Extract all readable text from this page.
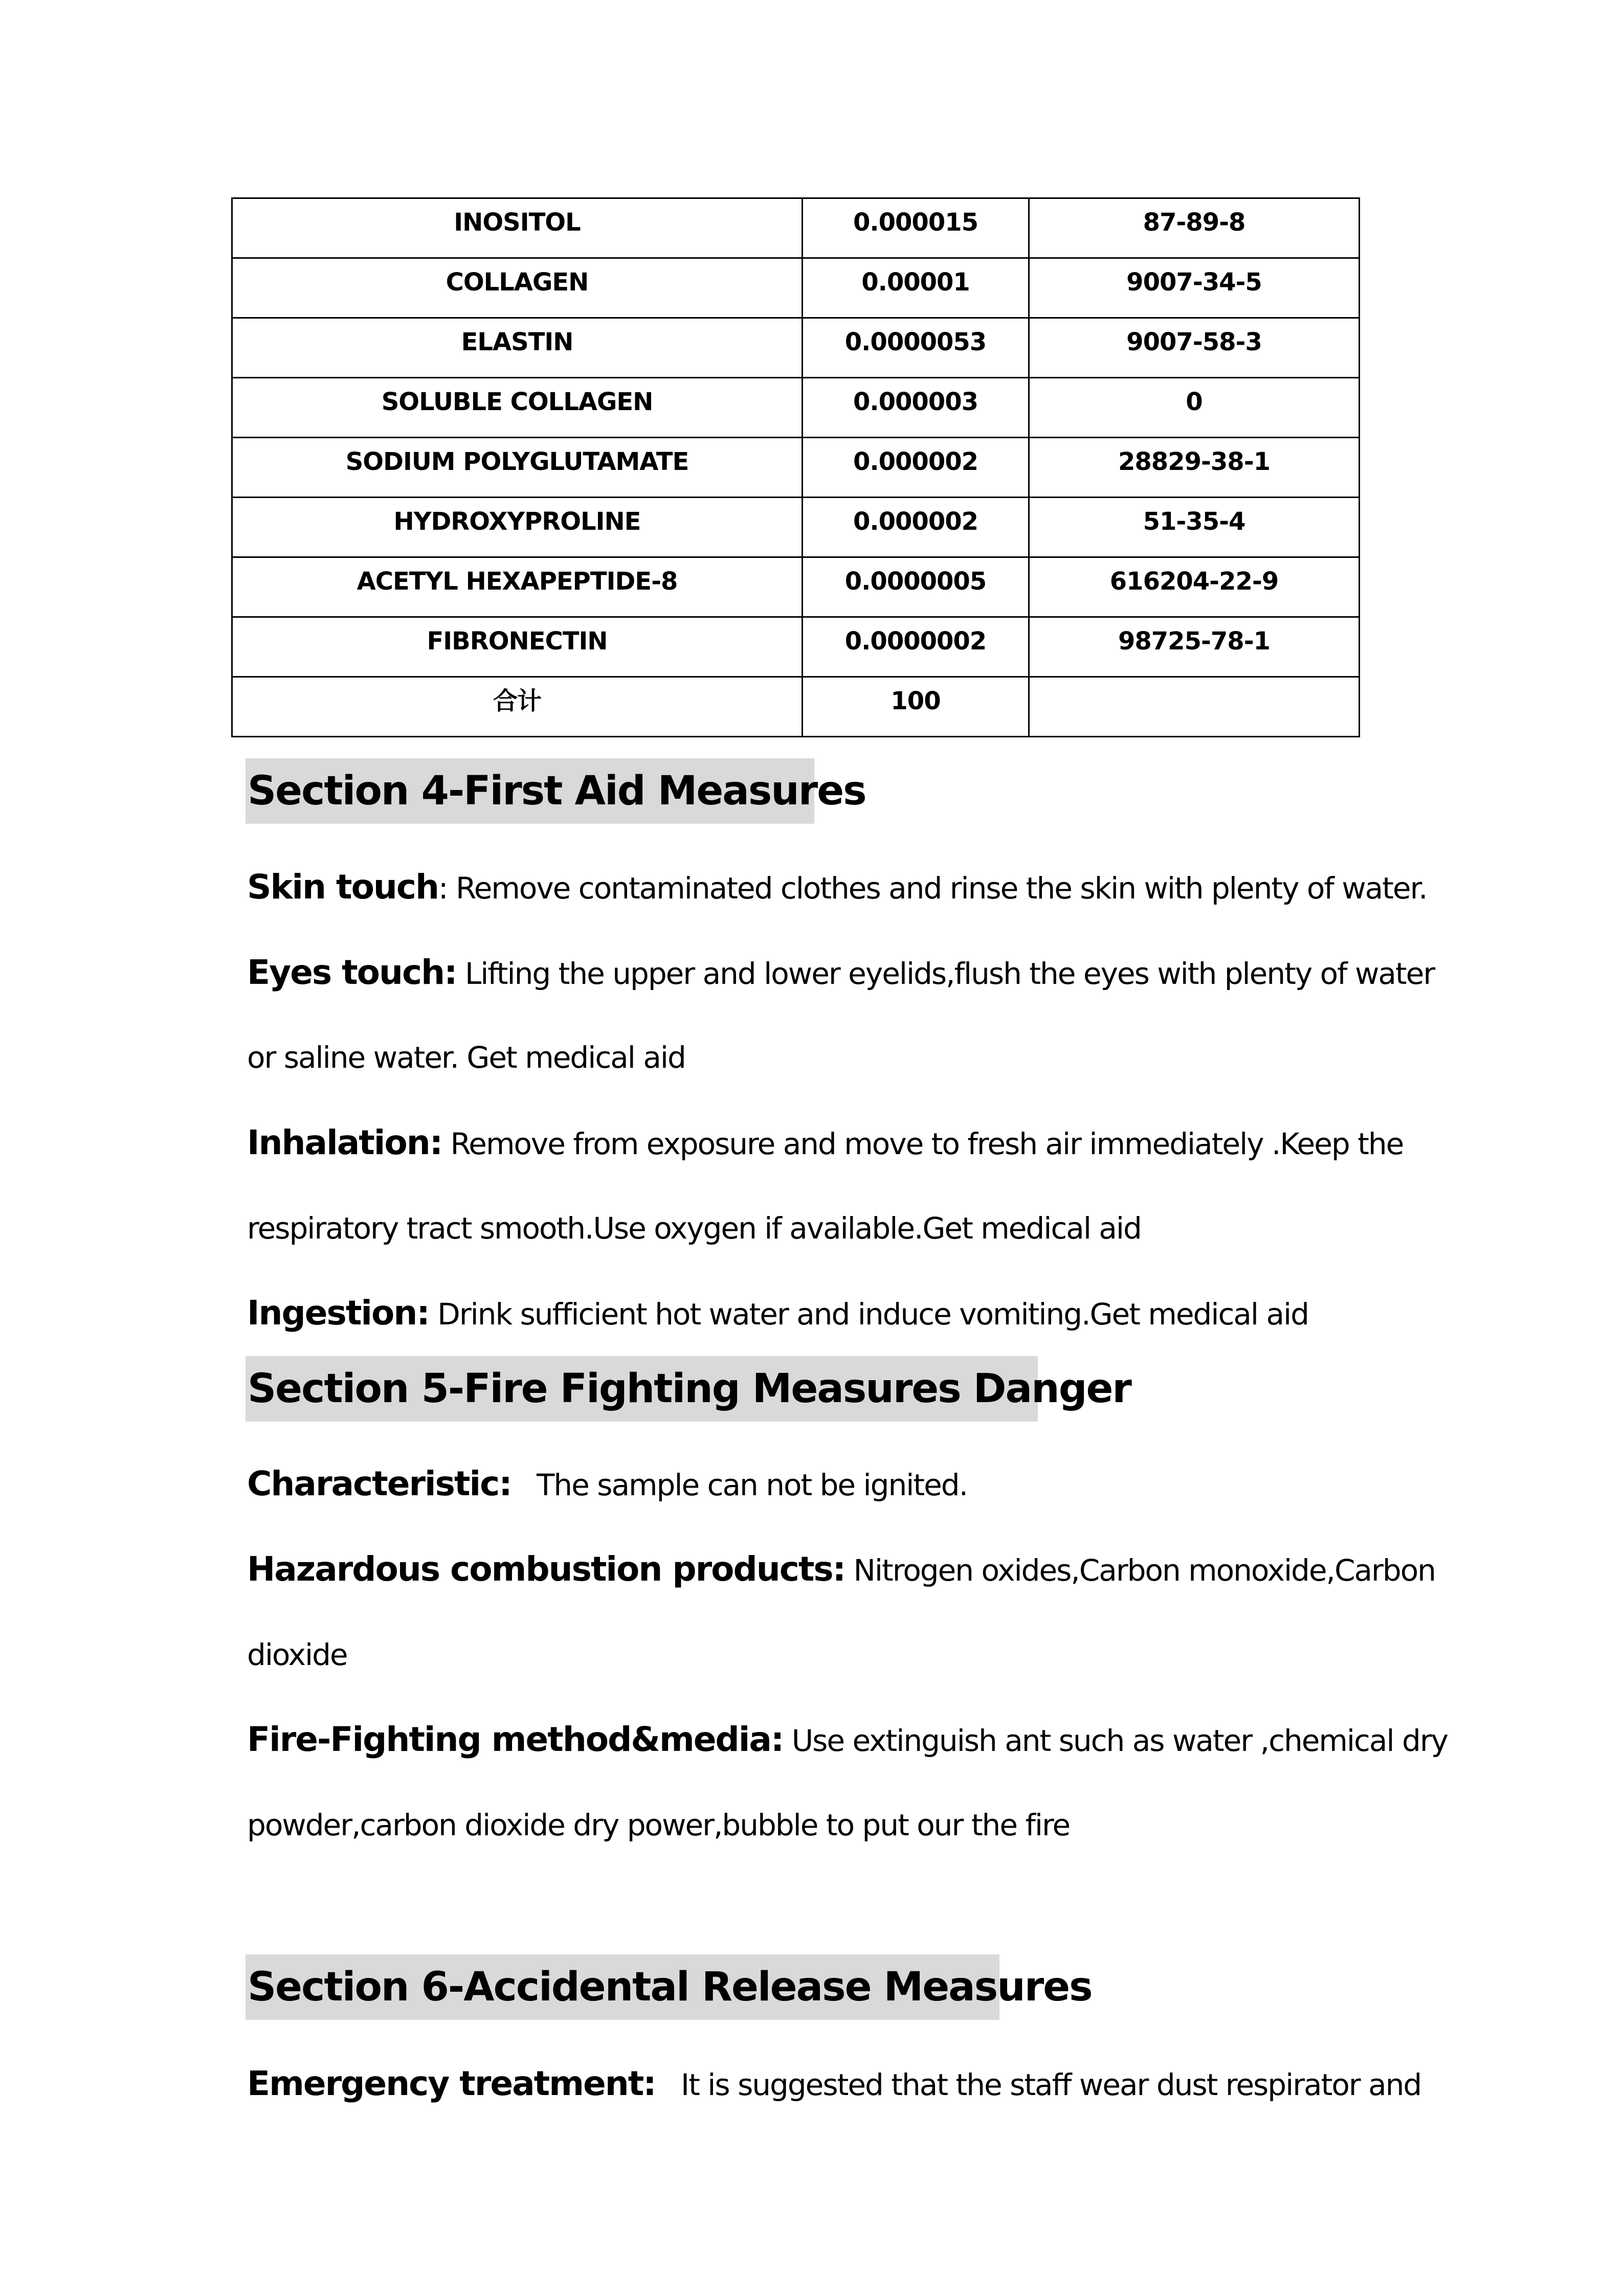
INOSITOL	0.000015	87-89-8
COLLAGEN	0.00001	9007-34-5
ELASTIN	0.0000053	9007-58-3
SOLUBLE COLLAGEN	0.000003	0
SODIUM POLYGLUTAMATE	0.000002	28829-38-1
HYDROXYPROLINE	0.000002	51-35-4
ACETYL HEXAPEPTIDE-8	0.0000005	616204-22-9
FIBRONECTIN	0.0000002	98725-78-1
合计	100	
Section 4-First Aid Measures
Skin touch: Remove contaminated clothes and rinse the skin with plenty of water.
Eyes touch: Lifting the upper and lower eyelids,flush the eyes with plenty of water
or saline water. Get medical aid
Inhalation: Remove from exposure and move to fresh air immediately .Keep the
respiratory tract smooth.Use oxygen if available.Get medical aid
Ingestion: Drink sufficient hot water and induce vomiting.Get medical aid
Section 5-Fire Fighting Measures Danger
Characteristic:   The sample can not be ignited.
Hazardous combustion products: Nitrogen oxides,Carbon monoxide,Carbon
dioxide
Fire-Fighting method&media: Use extinguish ant such as water ,chemical dry
powder,carbon dioxide dry power,bubble to put our the fire
Section 6-Accidental Release Measures
Emergency treatment:   It is suggested that the staff wear dust respirator and
